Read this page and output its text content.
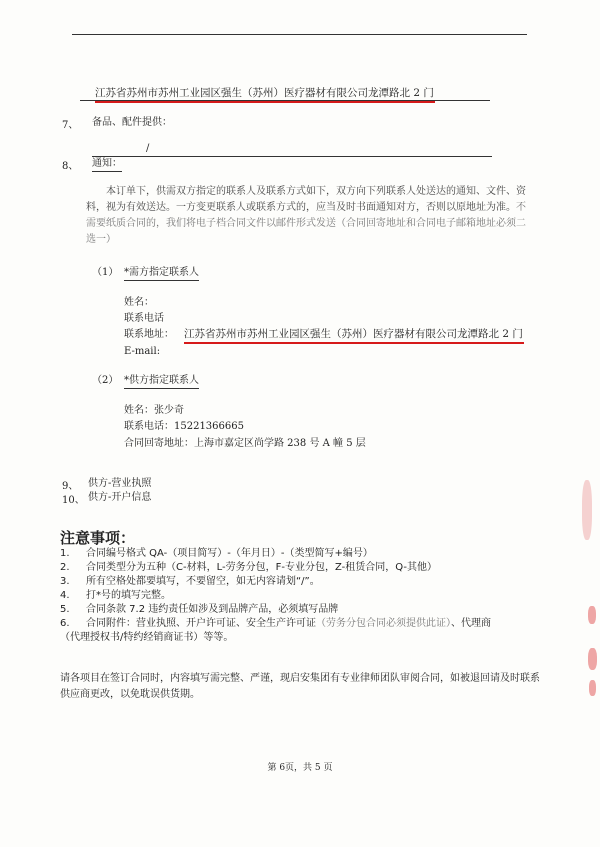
江苏省苏州市苏州工业园区强生（苏州）医疗器材有限公司龙潭路北 2 门
7、 备品、配件提供：
/
8、 通知：
本订单下，供需双方指定的联系人及联系方式如下，双方向下列联系人处送达的通知、文件、资料，视为有效送达。一方变更联系人或联系方式的，应当及时书面通知对方，否则以原地址为准。不需要纸质合同的，我们将电子档合同文件以邮件形式发送（合同回寄地址和合同电子邮箱地址必须二选一）
（1） *需方指定联系人
姓名：
联系电话
联系地址： 江苏省苏州市苏州工业园区强生（苏州）医疗器材有限公司龙潭路北 2 门
E-mail:
（2） *供方指定联系人
姓名：张少奇
联系电话：15221366665
合同回寄地址：上海市嘉定区尚学路 238 号 A 幢 5 层
9、 供方-营业执照
10、 供方-开户信息
注意事项：
1. 合同编号格式 QA-（项目简写）-（年月日）-（类型简写+编号）
2. 合同类型分为五种（C-材料，L-劳务分包，F-专业分包，Z-租赁合同，Q-其他）
3. 所有空格处都要填写，不要留空，如无内容请划“/”。
4. 打*号的填写完整。
5. 合同条款 7.2 违约责任如涉及到品牌产品，必须填写品牌
6. 合同附件：营业执照、开户许可证、安全生产许可证（劳务分包合同必须提供此证）、代理商
（代理授权书/特约经销商证书）等等。
请各项目在签订合同时，内容填写需完整、严谨，现启安集团有专业律师团队审阅合同，如被退回请及时联系供应商更改，以免耽误供货期。
第 6页，共 5 页
